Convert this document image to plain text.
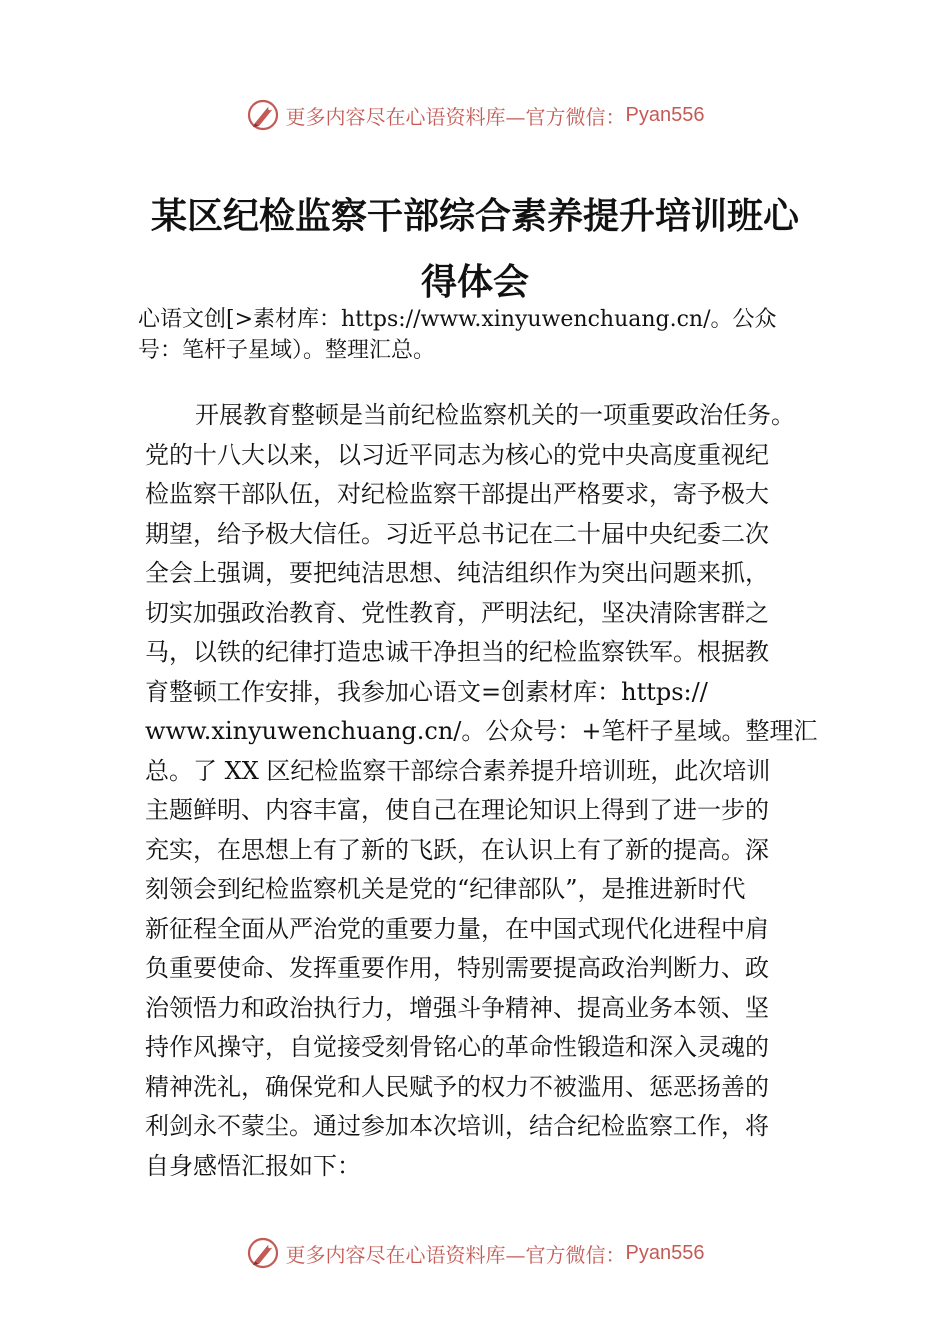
更多内容尽在心语资料库—官方微信： Pyan556
某区纪检监察干部综合素养提升培训班心
得体会

心语文创[>素材库：https://www.xinyuwenchuang.cn/。公众
号：笔杆子星域）。整理汇总。

开展教育整顿是当前纪检监察机关的一项重要政治任务。
党的十八大以来，以习近平同志为核心的党中央高度重视纪
检监察干部队伍，对纪检监察干部提出严格要求，寄予极大
期望，给予极大信任。习近平总书记在二十届中央纪委二次
全会上强调，要把纯洁思想、纯洁组织作为突出问题来抓，
切实加强政治教育、党性教育，严明法纪，坚决清除害群之
马，以铁的纪律打造忠诚干净担当的纪检监察铁军。根据教
育整顿工作安排，我参加心语文=创素材库：https://
www.xinyuwenchuang.cn/。公众号：+笔杆子星域。整理汇
总。了 XX 区纪检监察干部综合素养提升培训班，此次培训
主题鲜明、内容丰富，使自己在理论知识上得到了进一步的
充实，在思想上有了新的飞跃，在认识上有了新的提高。深
刻领会到纪检监察机关是党的“纪律部队”，是推进新时代
新征程全面从严治党的重要力量，在中国式现代化进程中肩
负重要使命、发挥重要作用，特别需要提高政治判断力、政
治领悟力和政治执行力，增强斗争精神、提高业务本领、坚
持作风操守，自觉接受刻骨铭心的革命性锻造和深入灵魂的
精神洗礼，确保党和人民赋予的权力不被滥用、惩恶扬善的
利剑永不蒙尘。通过参加本次培训，结合纪检监察工作，将
自身感悟汇报如下：

更多内容尽在心语资料库—官方微信： Pyan556
